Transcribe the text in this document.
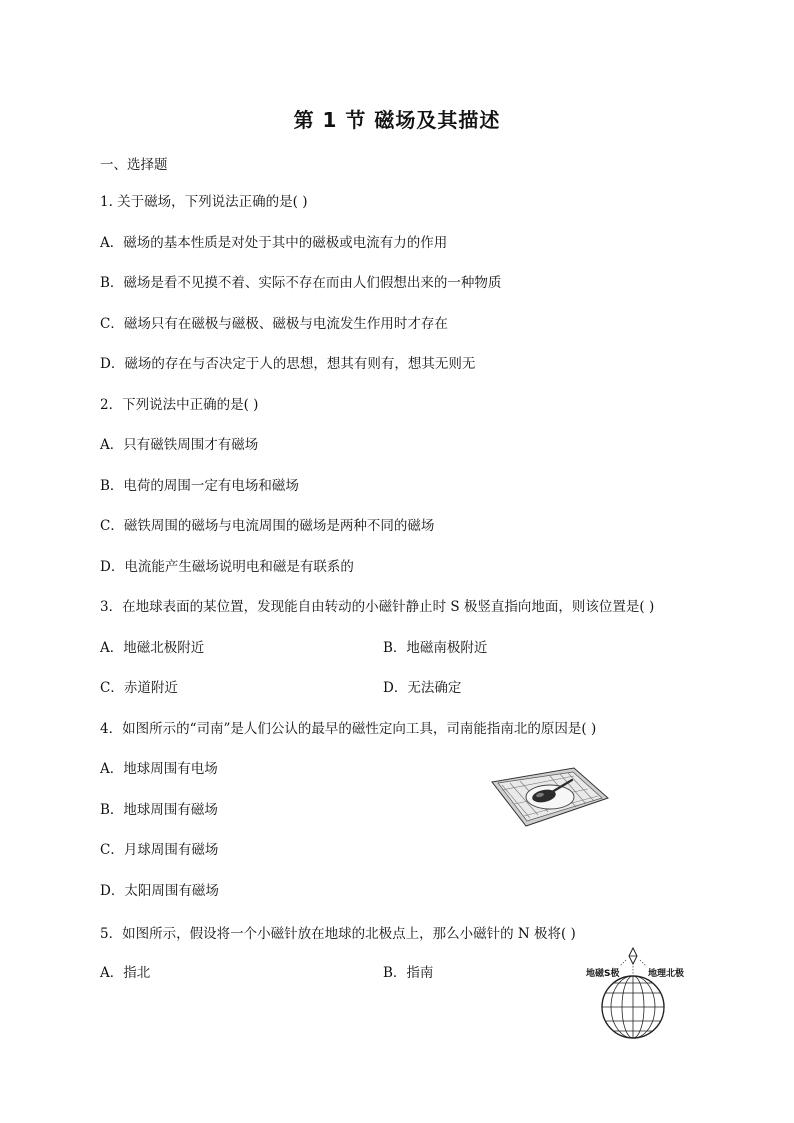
第 1 节 磁场及其描述
一、选择题
1. 关于磁场，下列说法正确的是( )
A．磁场的基本性质是对处于其中的磁极或电流有力的作用
B．磁场是看不见摸不着、实际不存在而由人们假想出来的一种物质
C．磁场只有在磁极与磁极、磁极与电流发生作用时才存在
D．磁场的存在与否决定于人的思想，想其有则有，想其无则无
2．下列说法中正确的是( )
A．只有磁铁周围才有磁场
B．电荷的周围一定有电场和磁场
C．磁铁周围的磁场与电流周围的磁场是两种不同的磁场
D．电流能产生磁场说明电和磁是有联系的
3．在地球表面的某位置，发现能自由转动的小磁针静止时 S 极竖直指向地面，则该位置是( )
A．地磁北极附近	B．地磁南极附近
C．赤道附近	D．无法确定
4．如图所示的“司南”是人们公认的最早的磁性定向工具，司南能指南北的原因是( )
A．地球周围有电场
B．地球周围有磁场
C．月球周围有磁场
D．太阳周围有磁场
5．如图所示，假设将一个小磁针放在地球的北极点上，那么小磁针的 N 极将( )
A．指北	B．指南	地磁S极	地理北极
